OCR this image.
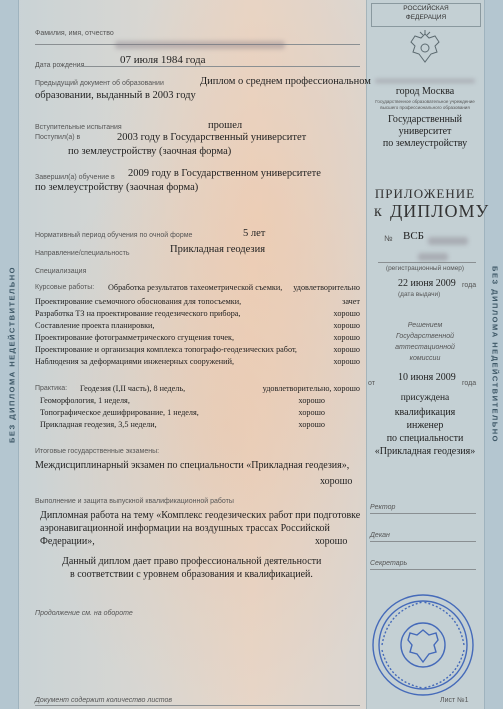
БЕЗ ДИПЛОМА НЕДЕЙСТВИТЕЛЬНО	БЕЗ ДИПЛОМА НЕДЕЙСТВИТЕЛЬНО
РОССИЙСКАЯ
ФЕДЕРАЦИЯ
Фамилия, имя, отчество
Дата рождения	07 июля 1984 года
Предыдущий документ об образовании	Диплом о среднем профессиональном
образовании, выданный в 2003 году
Вступительные испытания	прошел
Поступил(а) в	2003 году в Государственный университет
по землеустройству (заочная форма)
Завершил(а) обучение в 2009 году в Государственном университете
по землеустройству (заочная форма)
Нормативный период обучения по очной форме	5 лет
Направление/специальность	Прикладная геодезия
Специализация
Курсовые работы: Обработка результатов тахеометрической съемки, удовлетворительно
Проектирование съемочного обоснования для топосъемки,	зачет
Разработка ТЗ на проектирование геодезического прибора,	хорошо
Составление проекта планировки,	хорошо
Проектирование фотограмметрического сгущения точек,	хорошо
Проектирование и организация комплекса топографо-геодезических работ,	хорошо
Наблюдения за деформациями инженерных сооружений,	хорошо
Практика: Геодезия (I,II часть), 8 недель,	удовлетворительно, хорошо
Геоморфология, 1 неделя,	хорошо
Топографическое дешифрирование, 1 неделя,	хорошо
Прикладная геодезия, 3,5 недели,	хорошо
Итоговые государственные экзамены:
Междисциплинарный экзамен по специальности «Прикладная геодезия»,
хорошо
Выполнение и защита выпускной квалификационной работы
Дипломная работа на тему «Комплекс геодезических работ при подготовке
аэронавигационной информации на воздушных трассах Российской
Федерации»,	хорошо
Данный диплом дает право профессиональной деятельности
в соответствии с уровнем образования и квалификацией.
Продолжение см. на обороте
Документ содержит количество листов
город Москва
Государственное образовательное учреждение высшего профессионального образования
Государственный
университет
по землеустройству
ПРИЛОЖЕНИЕ
к ДИПЛОМУ
№ ВСБ
(регистрационный номер)
22 июня 2009 года
(дата выдачи)
Решением
Государственной
аттестационной
комиссии
от
10 июня 2009
года
присуждена
квалификация
инженер
по специальности
«Прикладная геодезия»
Ректор
Декан
Секретарь
Лист №1
